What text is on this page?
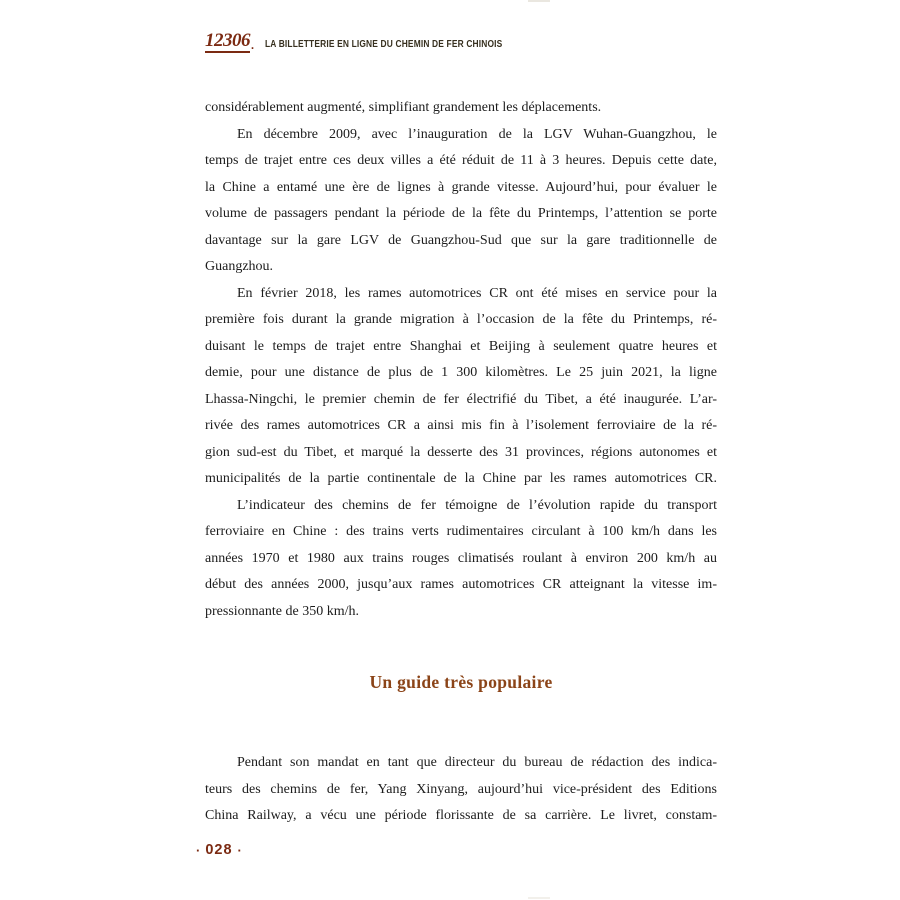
12306 . LA BILLETTERIE EN LIGNE DU CHEMIN DE FER CHINOIS
considérablement augmenté, simplifiant grandement les déplacements.
En décembre 2009, avec l’inauguration de la LGV Wuhan-Guangzhou, le
temps de trajet entre ces deux villes a été réduit de 11 à 3 heures. Depuis cette date,
la Chine a entamé une ère de lignes à grande vitesse. Aujourd’hui, pour évaluer le
volume de passagers pendant la période de la fête du Printemps, l’attention se porte
davantage sur la gare LGV de Guangzhou-Sud que sur la gare traditionnelle de
Guangzhou.
En février 2018, les rames automotrices CR ont été mises en service pour la
première fois durant la grande migration à l’occasion de la fête du Printemps, ré-
duisant le temps de trajet entre Shanghai et Beijing à seulement quatre heures et
demie, pour une distance de plus de 1 300 kilomètres. Le 25 juin 2021, la ligne
Lhassa-Ningchi, le premier chemin de fer électrifié du Tibet, a été inaugurée. L’ar-
rivée des rames automotrices CR a ainsi mis fin à l’isolement ferroviaire de la ré-
gion sud-est du Tibet, et marqué la desserte des 31 provinces, régions autonomes et
municipalités de la partie continentale de la Chine par les rames automotrices CR.
L’indicateur des chemins de fer témoigne de l’évolution rapide du transport
ferroviaire en Chine : des trains verts rudimentaires circulant à 100 km/h dans les
années 1970 et 1980 aux trains rouges climatisés roulant à environ 200 km/h au
début des années 2000, jusqu’aux rames automotrices CR atteignant la vitesse im-
pressionnante de 350 km/h.
Un guide très populaire
Pendant son mandat en tant que directeur du bureau de rédaction des indica-
teurs des chemins de fer, Yang Xinyang, aujourd’hui vice-président des Editions
China Railway, a vécu une période florissante de sa carrière. Le livret, constam-
· 028 ·
